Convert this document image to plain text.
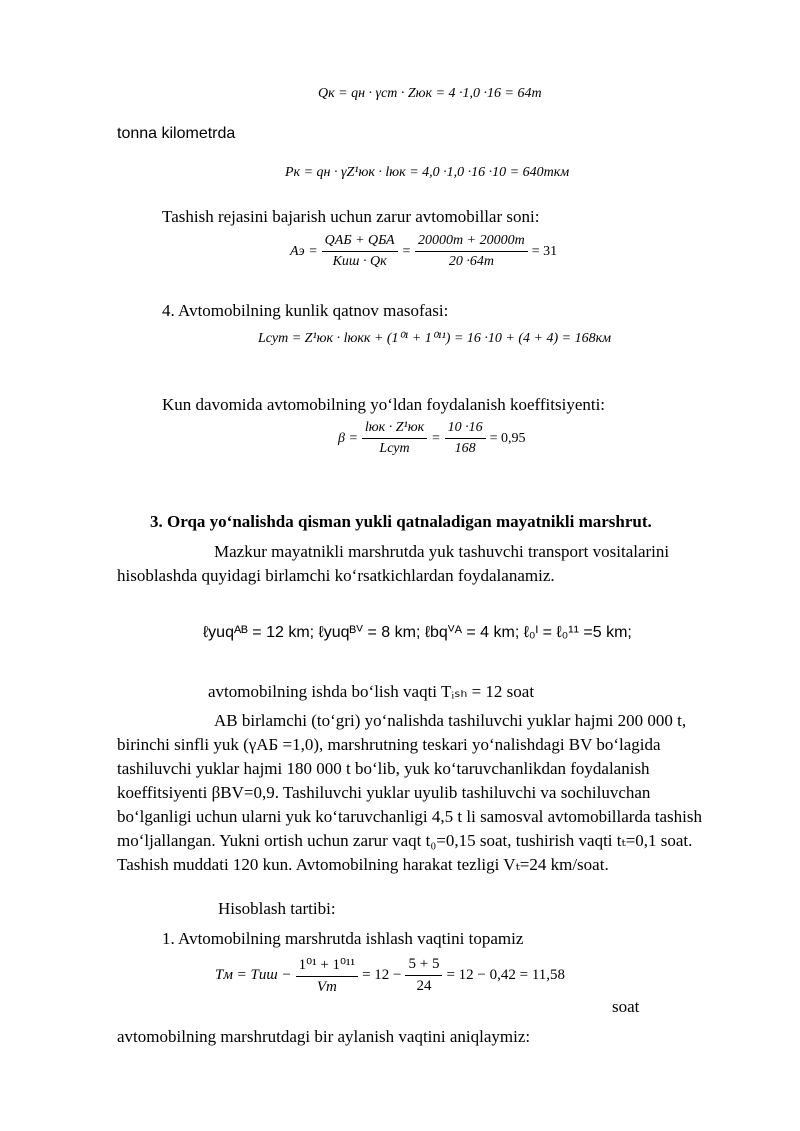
Qк = qн · γст · Zюк = 4 ·1,0 ·16 = 64т
tonna kilometrda
Pк = qн · γZ¹юк · lюк = 4,0 ·1,0 ·16 ·10 = 640ткм
Tashish rejasini bajarish uchun zarur avtomobillar soni:
Aэ = $\frac{\text{QАБ + QБА}}{\text{Kиш · Qк}} = \frac{20000т + 20000т}{20 \cdot 64т} = 31$
4. Avtomobilning kunlik qatnov masofasi:
Lсут = Z¹юк · lюкк + (1⁰¹ + 1⁰¹¹) = 16 ·10 + (4 + 4) = 168км
Kun davomida avtomobilning yo‘ldan foydalanish koeffitsiyenti:
$\beta = \frac{\text{lюк · Z¹юк}}{\text{Lсут}} = \frac{10 \cdot 16}{168} = 0,95$
3. Orqa yo‘nalishda qisman yukli qatnaladigan mayatnikli marshrut.
Mazkur mayatnikli marshrutda yuk tashuvchi transport vositalarini hisoblashda quyidagi birlamchi ko‘rsatkichlardan foydalanamiz.
ℓyuqᴬᴮ = 12 km; ℓyuqᴮⱽ = 8 km; ℓbqⱽᴬ = 4 km; ℓ₀ᴵ = ℓ₀¹¹ =5 km;
avtomobilning ishda bo‘lish vaqti Tᵢₛₕ = 12 soat
AB birlamchi (to‘gri) yo‘nalishda tashiluvchi yuklar hajmi 200 000 t, birinchi sinfli yuk (γАБ =1,0), marshrutning teskari yo‘nalishdagi BV bo‘lagida tashiluvchi yuklar hajmi 180 000 t bo‘lib, yuk ko‘taruvchanlikdan foydalanish koeffitsiyenti βBV=0,9. Tashiluvchi yuklar uyulib tashiluvchi va sochiluvchan bo‘lganligi uchun ularni yuk ko‘taruvchanligi 4,5 t li samosval avtomobillarda tashish mo‘ljallangan. Yukni ortish uchun zarur vaqt t₀=0,15 soat, tushirish vaqti tₜ=0,1 soat. Tashish muddati 120 kun. Avtomobilning harakat tezligi Vₜ=24 km/soat.
Hisoblash tartibi:
1. Avtomobilning marshrutda ishlash vaqtini topamiz
Tм = Tиш − $\frac{\text{1⁰¹ + 1⁰¹¹}}{Vт} = 12 - \frac{5 + 5}{24} = 12 - 0,42 = 11,58$
soat
avtomobilning marshrutdagi bir aylanish vaqtini aniqlaymiz:
